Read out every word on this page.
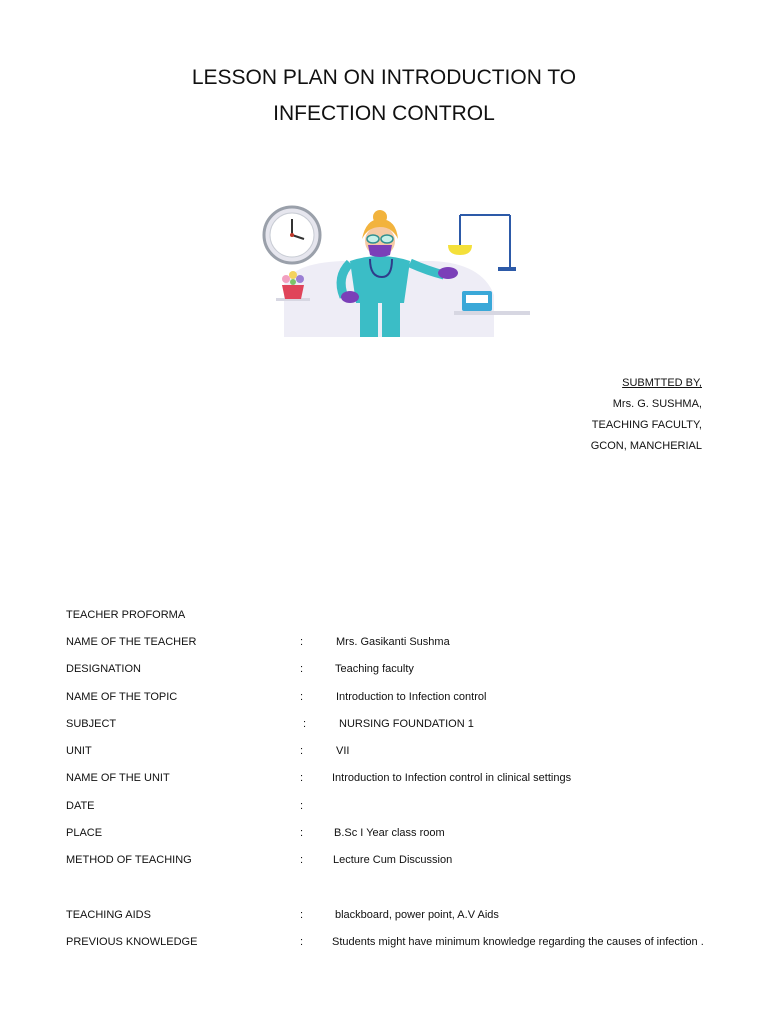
LESSON PLAN ON INTRODUCTION TO
INFECTION CONTROL
SUBMTTED BY,
Mrs. G. SUSHMA,
TEACHING FACULTY,
GCON, MANCHERIAL
TEACHER PROFORMA
NAME OF THE TEACHER	:	Mrs. Gasikanti Sushma
DESIGNATION	:	Teaching faculty
NAME OF THE TOPIC	:	Introduction to Infection control
SUBJECT	:	NURSING FOUNDATION 1
UNIT	:	VII
NAME OF THE UNIT	:	Introduction to Infection control in clinical settings
DATE	:
PLACE	:	B.Sc I Year class room
METHOD OF TEACHING	:	Lecture Cum Discussion
TEACHING AIDS	:	blackboard, power point, A.V Aids
PREVIOUS KNOWLEDGE	:	Students might have minimum knowledge regarding the causes of infection .
